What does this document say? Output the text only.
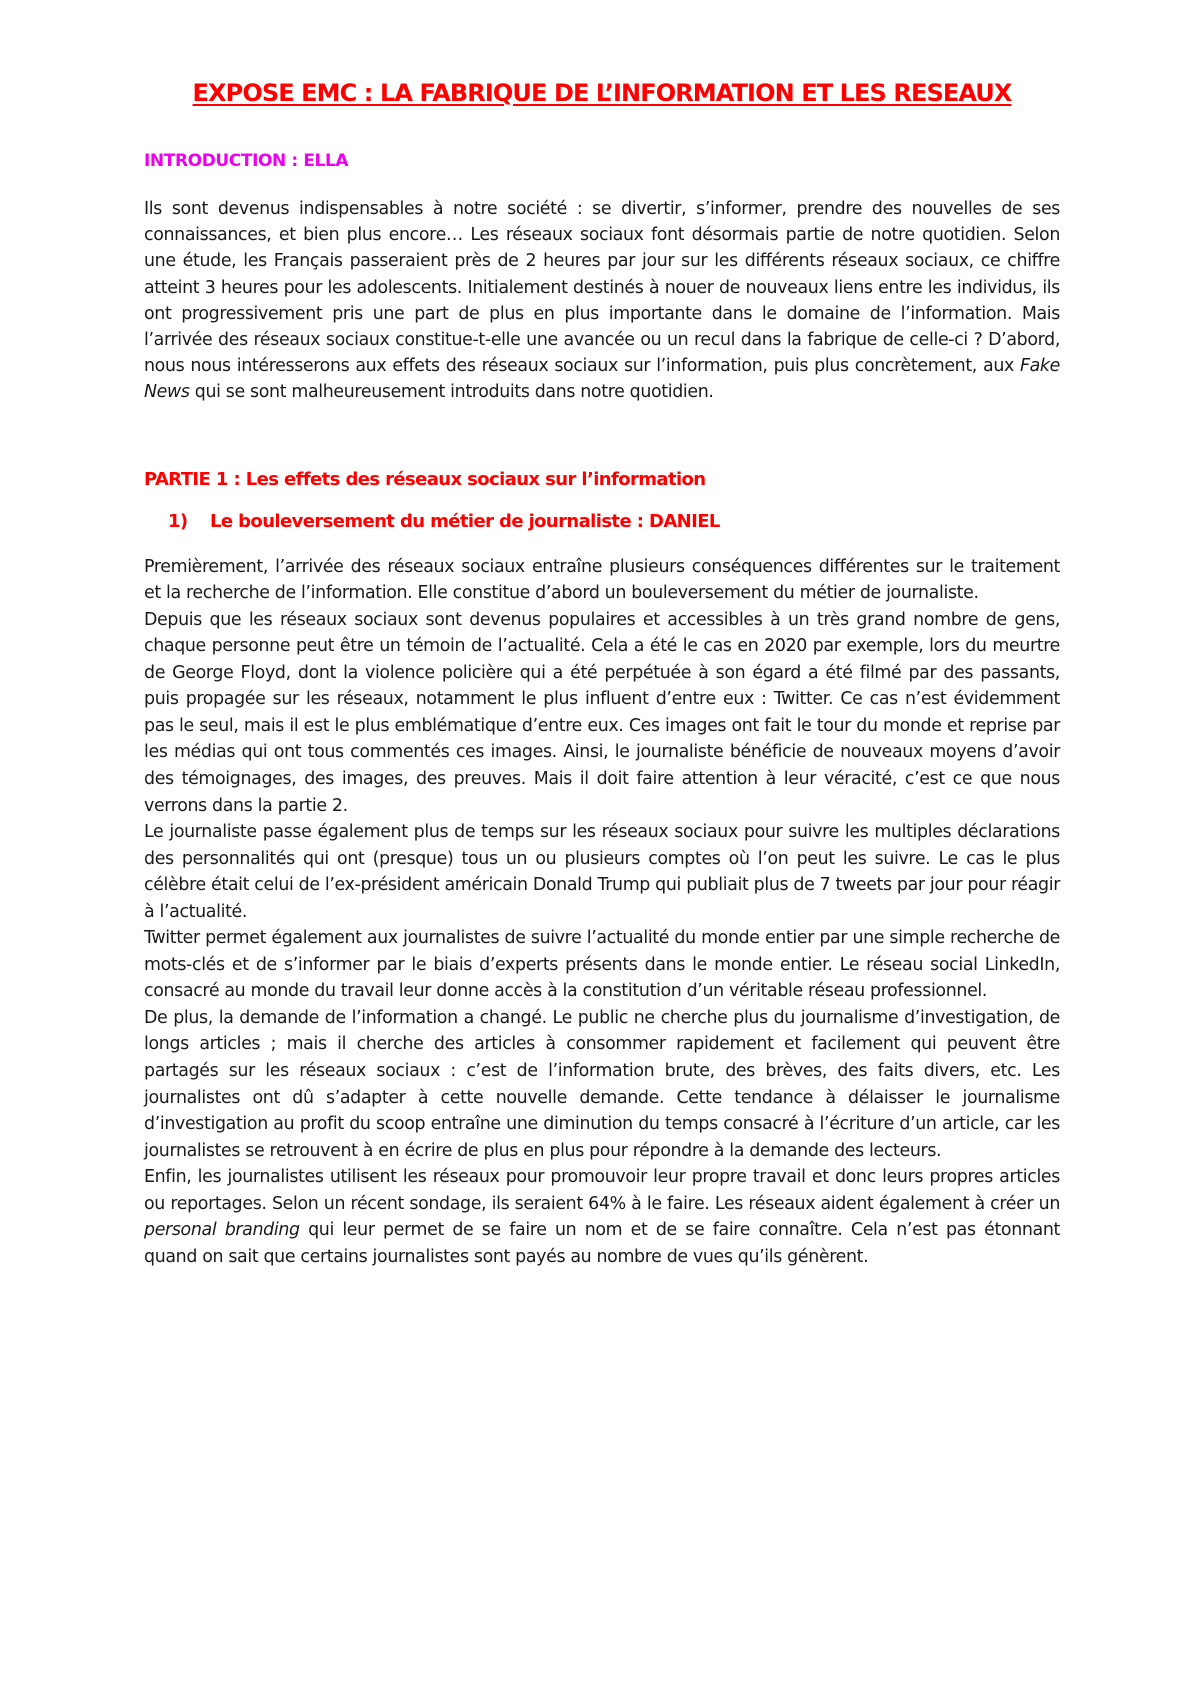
EXPOSE EMC : LA FABRIQUE DE L’INFORMATION ET LES RESEAUX
INTRODUCTION : ELLA

Ils sont devenus indispensables à notre société : se divertir, s’informer, prendre des nouvelles de ses connaissances, et bien plus encore… Les réseaux sociaux font désormais partie de notre quotidien. Selon une étude, les Français passeraient près de 2 heures par jour sur les différents réseaux sociaux, ce chiffre atteint 3 heures pour les adolescents. Initialement destinés à nouer de nouveaux liens entre les individus, ils ont progressivement pris une part de plus en plus importante dans le domaine de l’information. Mais l’arrivée des réseaux sociaux constitue-t-elle une avancée ou un recul dans la fabrique de celle-ci ? D’abord, nous nous intéresserons aux effets des réseaux sociaux sur l’information, puis plus concrètement, aux Fake News qui se sont malheureusement introduits dans notre quotidien.

PARTIE 1 : Les effets des réseaux sociaux sur l’information
1)	Le bouleversement du métier de journaliste : DANIEL

Premièrement, l’arrivée des réseaux sociaux entraîne plusieurs conséquences différentes sur le traitement et la recherche de l’information. Elle constitue d’abord un bouleversement du métier de journaliste.

Depuis que les réseaux sociaux sont devenus populaires et accessibles à un très grand nombre de gens, chaque personne peut être un témoin de l’actualité. Cela a été le cas en 2020 par exemple, lors du meurtre de George Floyd, dont la violence policière qui a été perpétuée à son égard a été filmé par des passants, puis propagée sur les réseaux, notamment le plus influent d’entre eux : Twitter. Ce cas n’est évidemment pas le seul, mais il est le plus emblématique d’entre eux. Ces images ont fait le tour du monde et reprise par les médias qui ont tous commentés ces images. Ainsi, le journaliste bénéficie de nouveaux moyens d’avoir des témoignages, des images, des preuves. Mais il doit faire attention à leur véracité, c’est ce que nous verrons dans la partie 2.

Le journaliste passe également plus de temps sur les réseaux sociaux pour suivre les multiples déclarations des personnalités qui ont (presque) tous un ou plusieurs comptes où l’on peut les suivre. Le cas le plus célèbre était celui de l’ex-président américain Donald Trump qui publiait plus de 7 tweets par jour pour réagir à l’actualité.

Twitter permet également aux journalistes de suivre l’actualité du monde entier par une simple recherche de mots-clés et de s’informer par le biais d’experts présents dans le monde entier. Le réseau social LinkedIn, consacré au monde du travail leur donne accès à la constitution d’un véritable réseau professionnel.

De plus, la demande de l’information a changé. Le public ne cherche plus du journalisme d’investigation, de longs articles ; mais il cherche des articles à consommer rapidement et facilement qui peuvent être partagés sur les réseaux sociaux : c’est de l’information brute, des brèves, des faits divers, etc. Les journalistes ont dû s’adapter à cette nouvelle demande. Cette tendance à délaisser le journalisme d’investigation au profit du scoop entraîne une diminution du temps consacré à l’écriture d’un article, car les journalistes se retrouvent à en écrire de plus en plus pour répondre à la demande des lecteurs.

Enfin, les journalistes utilisent les réseaux pour promouvoir leur propre travail et donc leurs propres articles ou reportages. Selon un récent sondage, ils seraient 64% à le faire. Les réseaux aident également à créer un personal branding qui leur permet de se faire un nom et de se faire connaître. Cela n’est pas étonnant quand on sait que certains journalistes sont payés au nombre de vues qu’ils génèrent.
